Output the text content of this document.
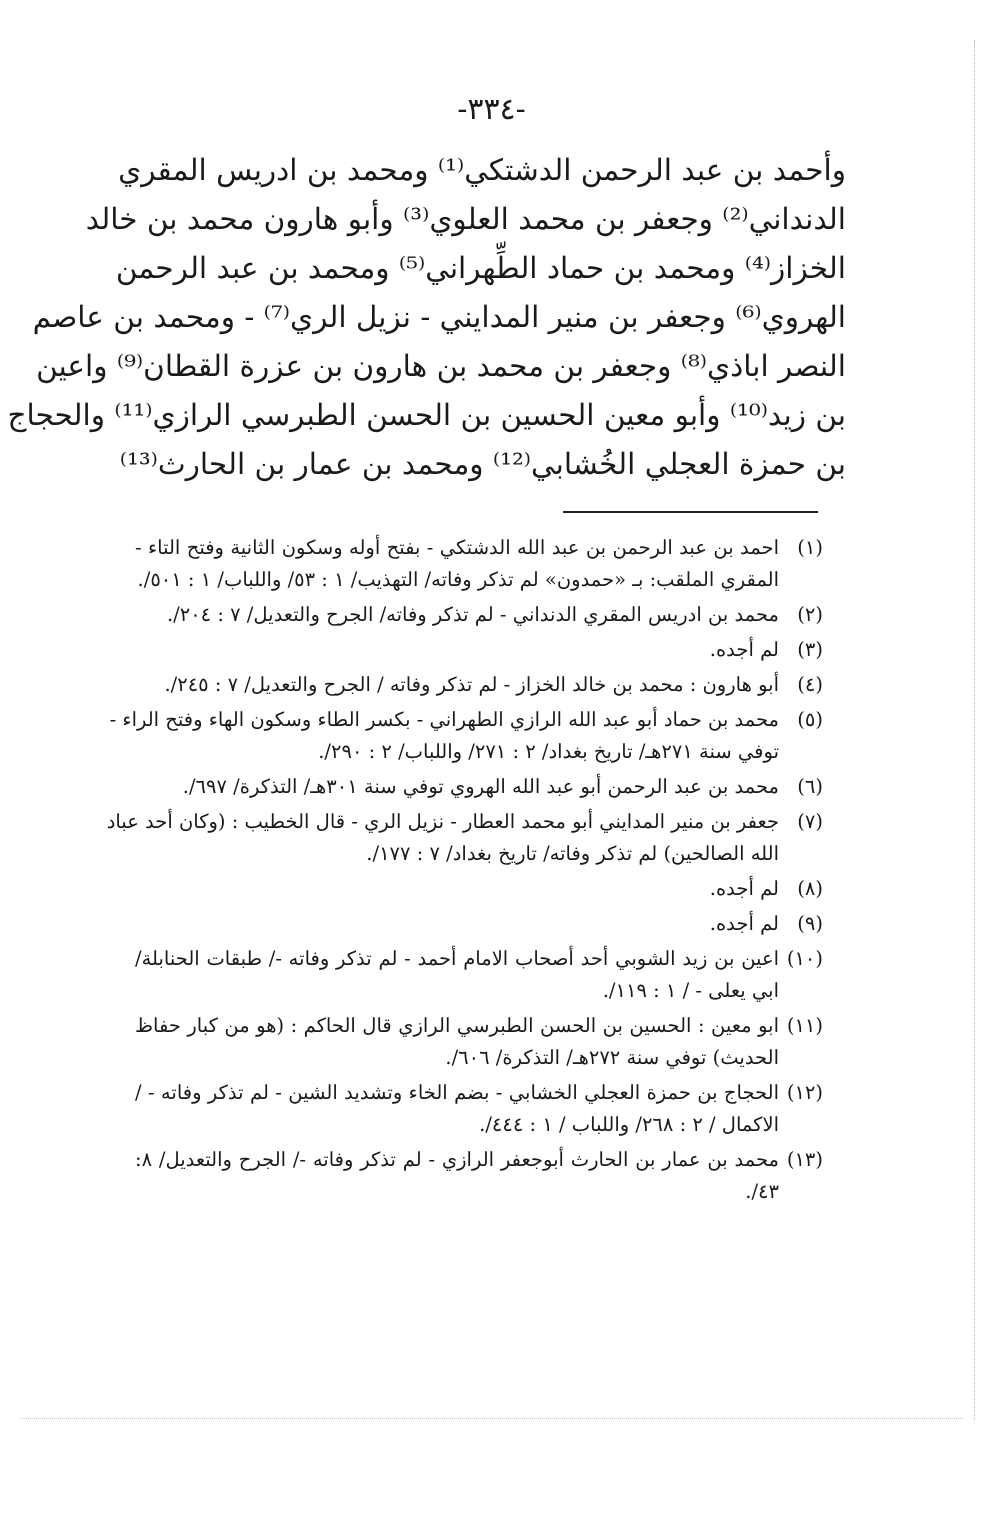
-٣٣٤-
وأحمد بن عبد الرحمن الدشتكي⁽¹⁾ ومحمد بن ادريس المقري
الدنداني⁽²⁾ وجعفر بن محمد العلوي⁽³⁾ وأبو هارون محمد بن خالد
الخزاز⁽⁴⁾ ومحمد بن حماد الطِّهراني⁽⁵⁾ ومحمد بن عبد الرحمن
الهروي⁽⁶⁾ وجعفر بن منير المدايني - نزيل الري⁽⁷⁾ - ومحمد بن عاصم
النصر اباذي⁽⁸⁾ وجعفر بن محمد بن هارون بن عزرة القطان⁽⁹⁾ واعين
بن زيد⁽¹⁰⁾ وأبو معين الحسين بن الحسن الطبرسي الرازي⁽¹¹⁾ والحجاج
بن حمزة العجلي الخُشابي⁽¹²⁾ ومحمد بن عمار بن الحارث⁽¹³⁾
(١)
احمد بن عبد الرحمن بن عبد الله الدشتكي - بفتح أوله وسكون الثانية وفتح التاء -
المقري الملقب: بـ «حمدون» لم تذكر وفاته/ التهذيب/ ١ : ٥٣/ واللباب/ ١ : ٥٠١/.
(٢)
محمد بن ادريس المقري الدنداني - لم تذكر وفاته/ الجرح والتعديل/ ٧ : ٢٠٤/.
(٣)
لم أجده.
(٤)
أبو هارون : محمد بن خالد الخزاز - لم تذكر وفاته / الجرح والتعديل/ ٧ : ٢٤٥/.
(٥)
محمد بن حماد أبو عبد الله الرازي الطهراني - بكسر الطاء وسكون الهاء وفتح الراء -
توفي سنة ٢٧١هـ/ تاريخ بغداد/ ٢ : ٢٧١/ واللباب/ ٢ : ٢٩٠/.
(٦)
محمد بن عبد الرحمن أبو عبد الله الهروي توفي سنة ٣٠١هـ/ التذكرة/ ٦٩٧/.
(٧)
جعفر بن منير المدايني أبو محمد العطار - نزيل الري - قال الخطيب : (وكان أحد عباد
الله الصالحين) لم تذكر وفاته/ تاريخ بغداد/ ٧ : ١٧٧/.
(٨)
لم أجده.
(٩)
لم أجده.
(١٠)
اعين بن زيد الشوبي أحد أصحاب الامام أحمد - لم تذكر وفاته -/ طبقات الحنابلة/
ابي يعلى - / ١ : ١١٩/.
(١١)
ابو معين : الحسين بن الحسن الطبرسي الرازي قال الحاكم : (هو من كبار حفاظ
الحديث) توفي سنة ٢٧٢هـ/ التذكرة/ ٦٠٦/.
(١٢)
الحجاج بن حمزة العجلي الخشابي - بضم الخاء وتشديد الشين - لم تذكر وفاته - /
الاكمال / ٢ : ٢٦٨/ واللباب / ١ : ٤٤٤/.
(١٣)
محمد بن عمار بن الحارث أبوجعفر الرازي - لم تذكر وفاته -/ الجرح والتعديل/ ٨:
٤٣/.
